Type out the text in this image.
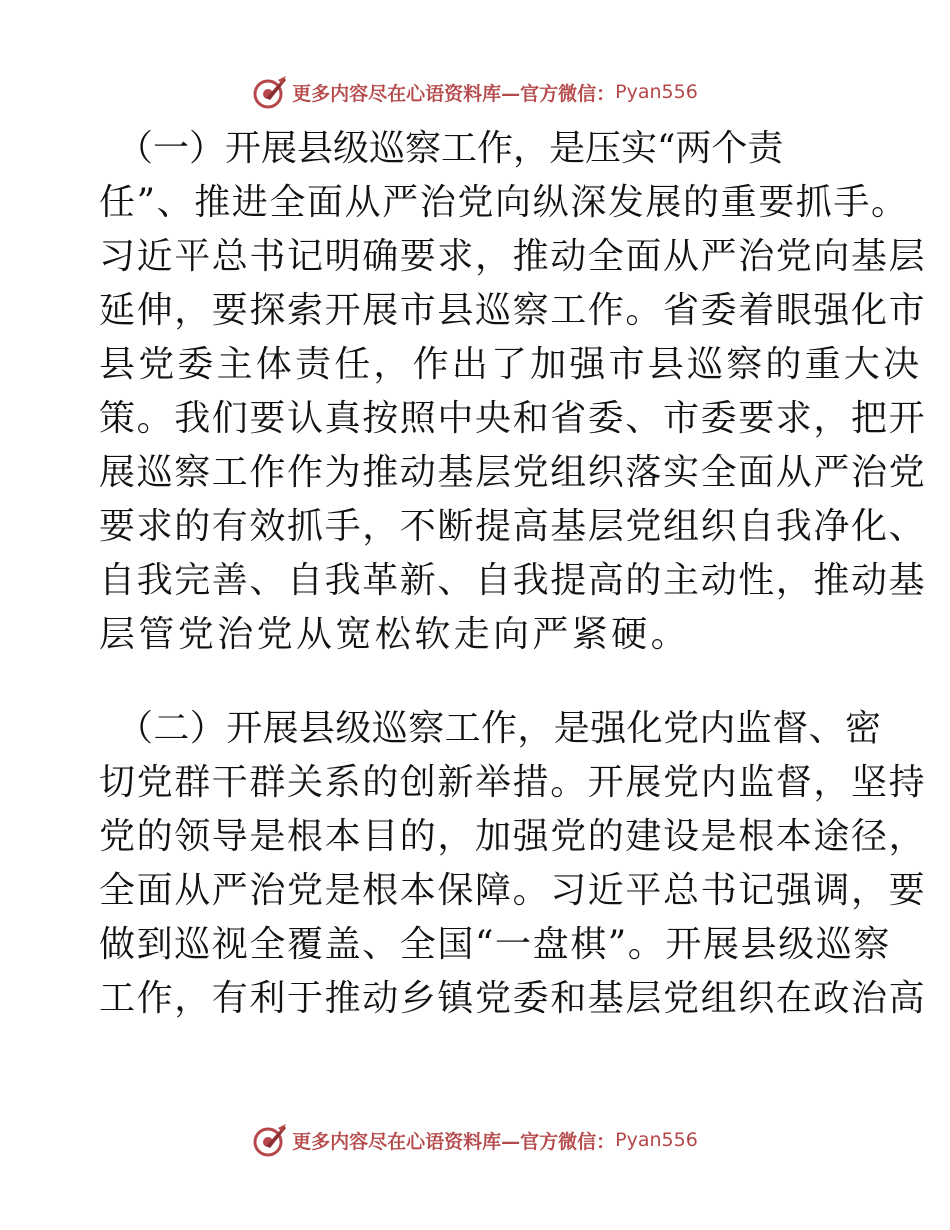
更多内容尽在心语资料库—官方微信： Pyan556
（一）开展县级巡察工作，是压实“两个责
任”、推进全面从严治党向纵深发展的重要抓手。
习近平总书记明确要求，推动全面从严治党向基层
延伸，要探索开展市县巡察工作。省委着眼强化市
县党委主体责任，作出了加强市县巡察的重大决
策。我们要认真按照中央和省委、市委要求，把开
展巡察工作作为推动基层党组织落实全面从严治党
要求的有效抓手，不断提高基层党组织自我净化、
自我完善、自我革新、自我提高的主动性，推动基
层管党治党从宽松软走向严紧硬。
（二）开展县级巡察工作，是强化党内监督、密
切党群干群关系的创新举措。开展党内监督，坚持
党的领导是根本目的，加强党的建设是根本途径，
全面从严治党是根本保障。习近平总书记强调，要
做到巡视全覆盖、全国“一盘棋”。开展县级巡察
工作，有利于推动乡镇党委和基层党组织在政治高
更多内容尽在心语资料库—官方微信： Pyan556
